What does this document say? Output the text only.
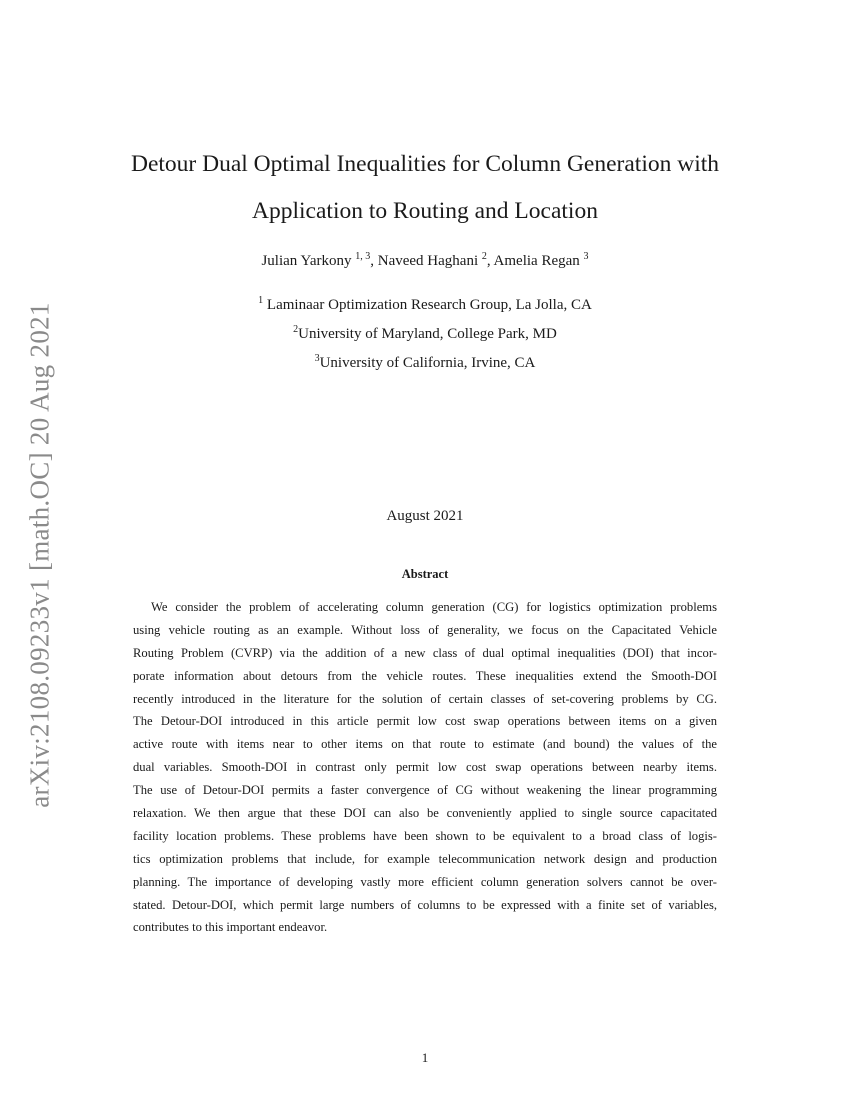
arXiv:2108.09233v1 [math.OC] 20 Aug 2021
Detour Dual Optimal Inequalities for Column Generation with
Application to Routing and Location
Julian Yarkony $^{1, 3}$, Naveed Haghani $^2$, Amelia Regan $^3$
$^1$ Laminaar Optimization Research Group, La Jolla, CA
$^2$University of Maryland, College Park, MD
$^3$University of California, Irvine, CA
August 2021
Abstract
We consider the problem of accelerating column generation (CG) for logistics optimization problems
using vehicle routing as an example. Without loss of generality, we focus on the Capacitated Vehicle
Routing Problem (CVRP) via the addition of a new class of dual optimal inequalities (DOI) that incor-
porate information about detours from the vehicle routes. These inequalities extend the Smooth-DOI
recently introduced in the literature for the solution of certain classes of set-covering problems by CG.
The Detour-DOI introduced in this article permit low cost swap operations between items on a given
active route with items near to other items on that route to estimate (and bound) the values of the
dual variables. Smooth-DOI in contrast only permit low cost swap operations between nearby items.
The use of Detour-DOI permits a faster convergence of CG without weakening the linear programming
relaxation. We then argue that these DOI can also be conveniently applied to single source capacitated
facility location problems. These problems have been shown to be equivalent to a broad class of logis-
tics optimization problems that include, for example telecommunication network design and production
planning. The importance of developing vastly more efficient column generation solvers cannot be over-
stated. Detour-DOI, which permit large numbers of columns to be expressed with a finite set of variables,
contributes to this important endeavor.
1
